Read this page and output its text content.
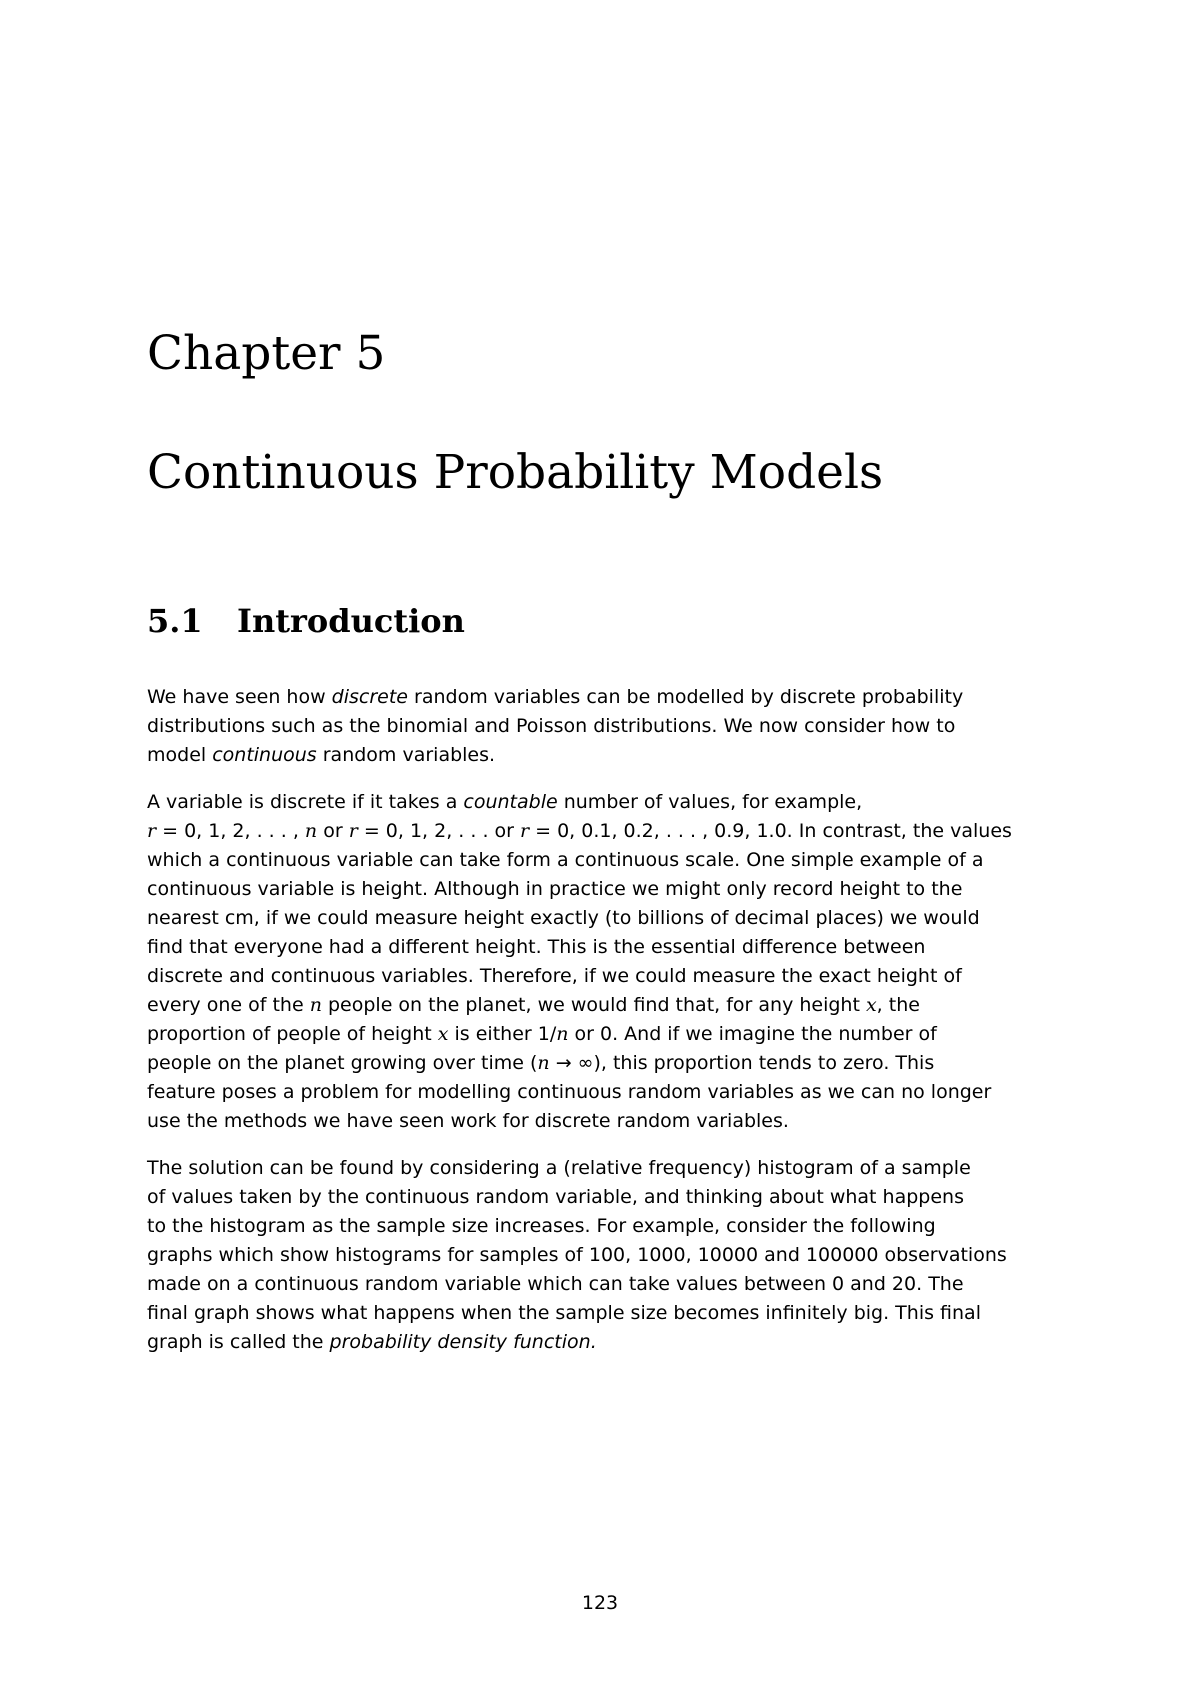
Chapter 5
Continuous Probability Models
5.1 Introduction

We have seen how discrete random variables can be modelled by discrete probability
distributions such as the binomial and Poisson distributions. We now consider how to
model continuous random variables.

A variable is discrete if it takes a countable number of values, for example,
r = 0, 1, 2, . . . , n or r = 0, 1, 2, . . . or r = 0, 0.1, 0.2, . . . , 0.9, 1.0. In contrast, the values
which a continuous variable can take form a continuous scale. One simple example of a
continuous variable is height. Although in practice we might only record height to the
nearest cm, if we could measure height exactly (to billions of decimal places) we would
find that everyone had a different height. This is the essential difference between
discrete and continuous variables. Therefore, if we could measure the exact height of
every one of the n people on the planet, we would find that, for any height x, the
proportion of people of height x is either 1/n or 0. And if we imagine the number of
people on the planet growing over time (n → ∞), this proportion tends to zero. This
feature poses a problem for modelling continuous random variables as we can no longer
use the methods we have seen work for discrete random variables.

The solution can be found by considering a (relative frequency) histogram of a sample
of values taken by the continuous random variable, and thinking about what happens
to the histogram as the sample size increases. For example, consider the following
graphs which show histograms for samples of 100, 1000, 10000 and 100000 observations
made on a continuous random variable which can take values between 0 and 20. The
final graph shows what happens when the sample size becomes infinitely big. This final
graph is called the probability density function.

123
